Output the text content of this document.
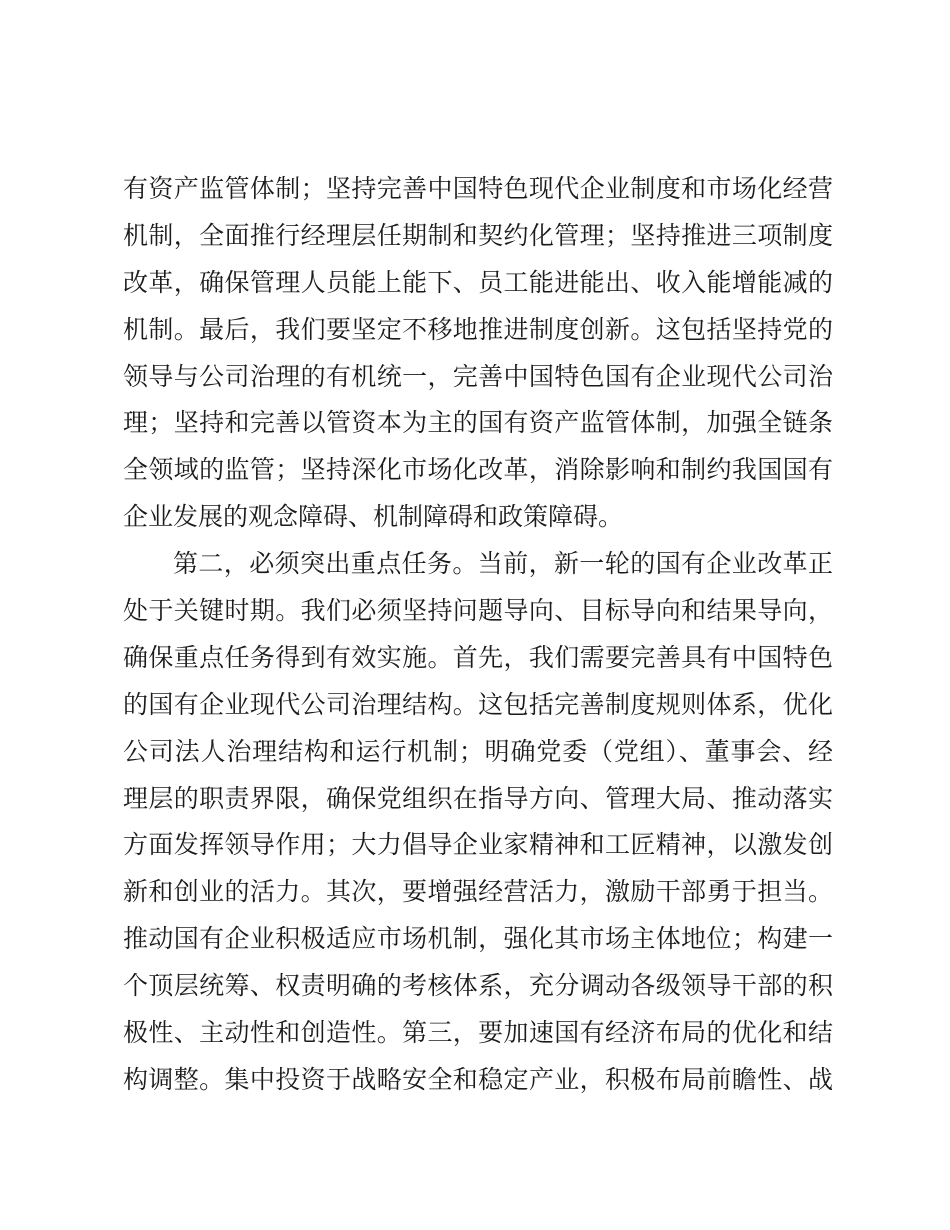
有资产监管体制；坚持完善中国特色现代企业制度和市场化经营
机制，全面推行经理层任期制和契约化管理；坚持推进三项制度
改革，确保管理人员能上能下、员工能进能出、收入能增能减的
机制。最后，我们要坚定不移地推进制度创新。这包括坚持党的
领导与公司治理的有机统一，完善中国特色国有企业现代公司治
理；坚持和完善以管资本为主的国有资产监管体制，加强全链条
全领域的监管；坚持深化市场化改革，消除影响和制约我国国有
企业发展的观念障碍、机制障碍和政策障碍。
第二，必须突出重点任务。当前，新一轮的国有企业改革正
处于关键时期。我们必须坚持问题导向、目标导向和结果导向，
确保重点任务得到有效实施。首先，我们需要完善具有中国特色
的国有企业现代公司治理结构。这包括完善制度规则体系，优化
公司法人治理结构和运行机制；明确党委（党组）、董事会、经
理层的职责界限，确保党组织在指导方向、管理大局、推动落实
方面发挥领导作用；大力倡导企业家精神和工匠精神，以激发创
新和创业的活力。其次，要增强经营活力，激励干部勇于担当。
推动国有企业积极适应市场机制，强化其市场主体地位；构建一
个顶层统筹、权责明确的考核体系，充分调动各级领导干部的积
极性、主动性和创造性。第三，要加速国有经济布局的优化和结
构调整。集中投资于战略安全和稳定产业，积极布局前瞻性、战
